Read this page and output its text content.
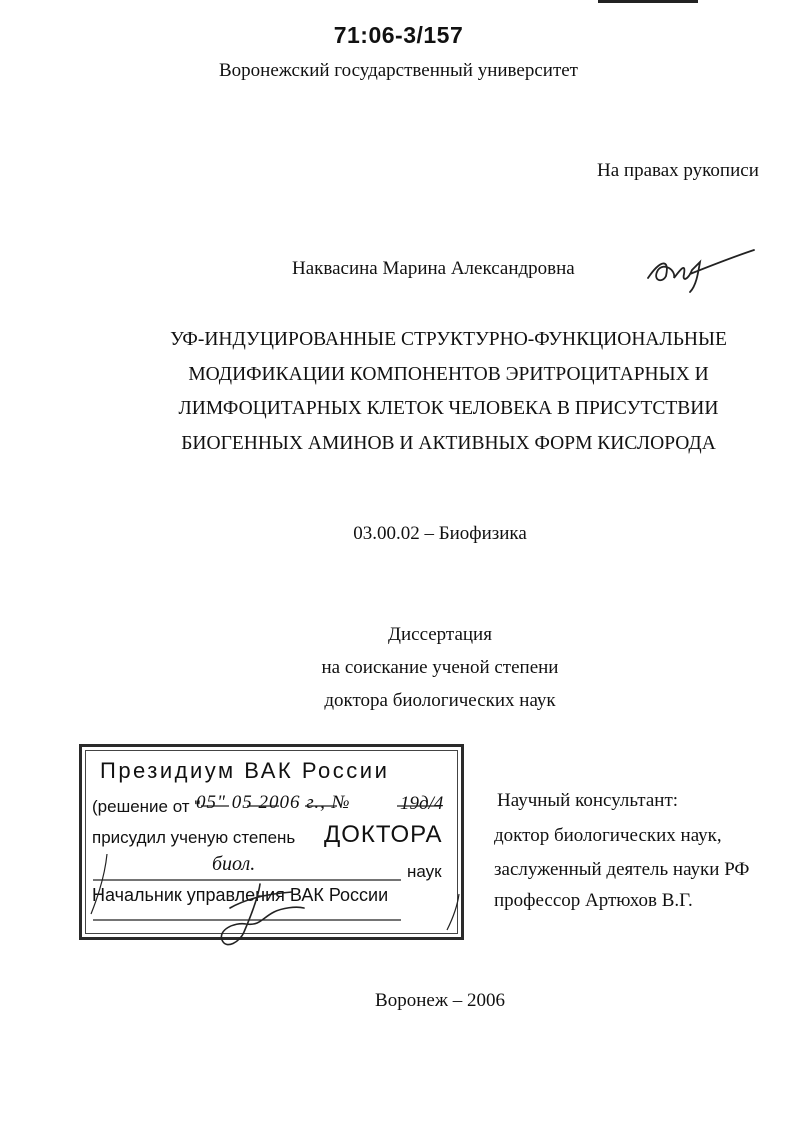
71:06-3/157
Воронежский государственный университет
На правах рукописи
Наквасина Марина Александровна
УФ-ИНДУЦИРОВАННЫЕ СТРУКТУРНО-ФУНКЦИОНАЛЬНЫЕ
МОДИФИКАЦИИ КОМПОНЕНТОВ ЭРИТРОЦИТАРНЫХ И
ЛИМФОЦИТАРНЫХ КЛЕТОК ЧЕЛОВЕКА В ПРИСУТСТВИИ
БИОГЕННЫХ АМИНОВ И АКТИВНЫХ ФОРМ КИСЛОРОДА
03.00.02 – Биофизика
Диссертация
на соискание ученой степени
доктора биологических наук
Президиум ВАК России
(решение от "
05" 05 2006 г., №	19д/4
присудил ученую степень ДОКТОРА
биол.	наук
Начальник управления ВАК России
Научный консультант:
доктор биологических наук,
заслуженный деятель науки РФ
профессор Артюхов В.Г.
Воронеж – 2006
